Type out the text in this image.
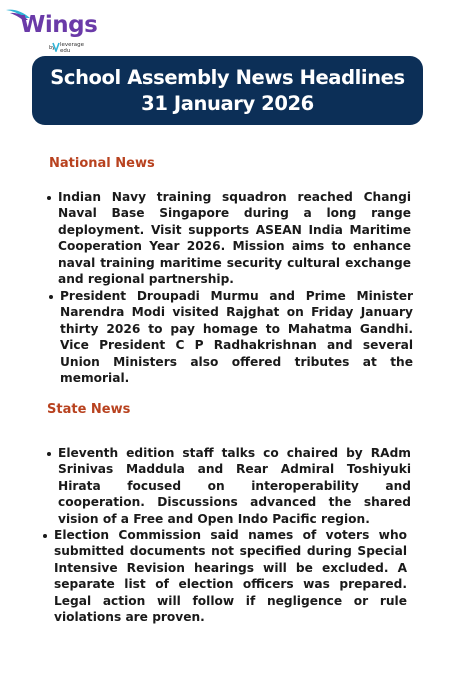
Wings
by leverage
edu
School Assembly News Headlines
31 January 2026
National News
Indian Navy training squadron reached Changi Naval Base Singapore during a long range deployment. Visit supports ASEAN India Maritime Cooperation Year 2026. Mission aims to enhance naval training maritime security cultural exchange and regional partnership.
President Droupadi Murmu and Prime Minister Narendra Modi visited Rajghat on Friday January thirty 2026 to pay homage to Mahatma Gandhi. Vice President C P Radhakrishnan and several Union Ministers also offered tributes at the memorial.
State News
Eleventh edition staff talks co chaired by RAdm Srinivas Maddula and Rear Admiral Toshiyuki Hirata focused on interoperability and cooperation. Discussions advanced the shared vision of a Free and Open Indo Pacific region.
Election Commission said names of voters who submitted documents not specified during Special Intensive Revision hearings will be excluded. A separate list of election officers was prepared. Legal action will follow if negligence or rule violations are proven.
